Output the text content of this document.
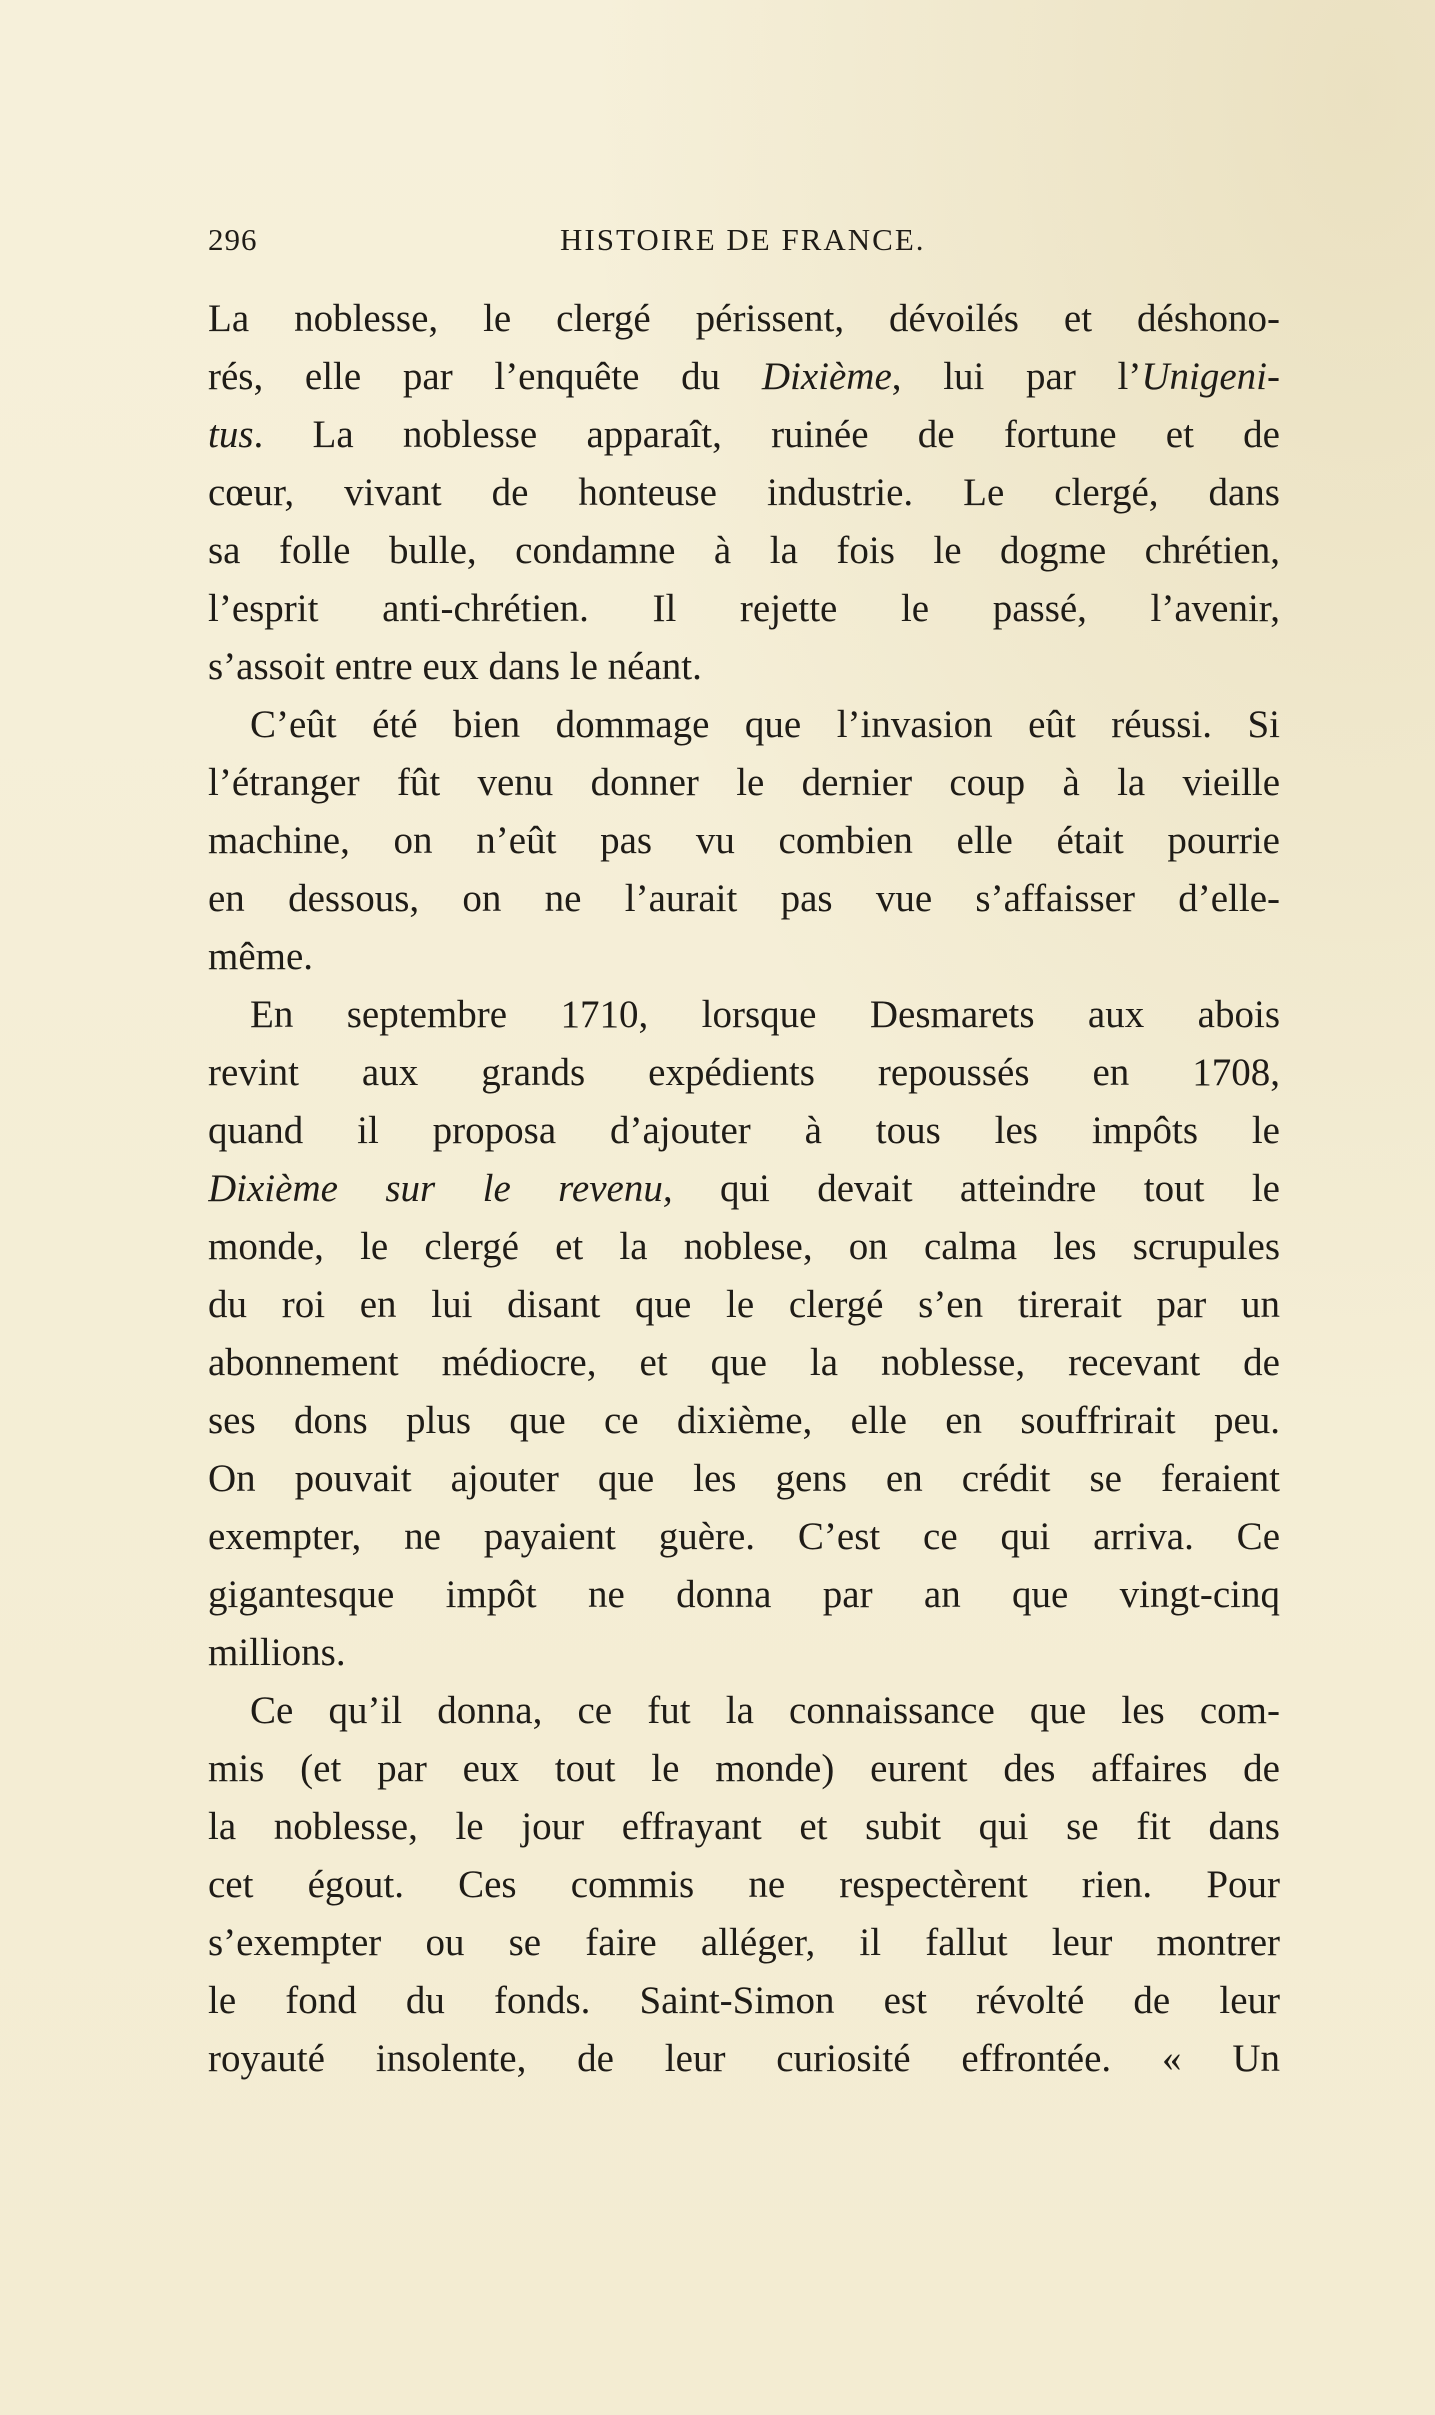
296	HISTOIRE DE FRANCE.
La noblesse, le clergé périssent, dévoilés et déshono-
rés, elle par l’enquête du Dixième, lui par l’Unigeni-
tus. La noblesse apparaît, ruinée de fortune et de
cœur, vivant de honteuse industrie. Le clergé, dans
sa folle bulle, condamne à la fois le dogme chrétien,
l’esprit anti-chrétien. Il rejette le passé, l’avenir,
s’assoit entre eux dans le néant.
C’eût été bien dommage que l’invasion eût réussi. Si
l’étranger fût venu donner le dernier coup à la vieille
machine, on n’eût pas vu combien elle était pourrie
en dessous, on ne l’aurait pas vue s’affaisser d’elle-
même.
En septembre 1710, lorsque Desmarets aux abois
revint aux grands expédients repoussés en 1708,
quand il proposa d’ajouter à tous les impôts le
Dixième sur le revenu, qui devait atteindre tout le
monde, le clergé et la noblese, on calma les scrupules
du roi en lui disant que le clergé s’en tirerait par un
abonnement médiocre, et que la noblesse, recevant de
ses dons plus que ce dixième, elle en souffrirait peu.
On pouvait ajouter que les gens en crédit se feraient
exempter, ne payaient guère. C’est ce qui arriva. Ce
gigantesque impôt ne donna par an que vingt-cinq
millions.
Ce qu’il donna, ce fut la connaissance que les com-
mis (et par eux tout le monde) eurent des affaires de
la noblesse, le jour effrayant et subit qui se fit dans
cet égout. Ces commis ne respectèrent rien. Pour
s’exempter ou se faire alléger, il fallut leur montrer
le fond du fonds. Saint-Simon est révolté de leur
royauté insolente, de leur curiosité effrontée. « Un
